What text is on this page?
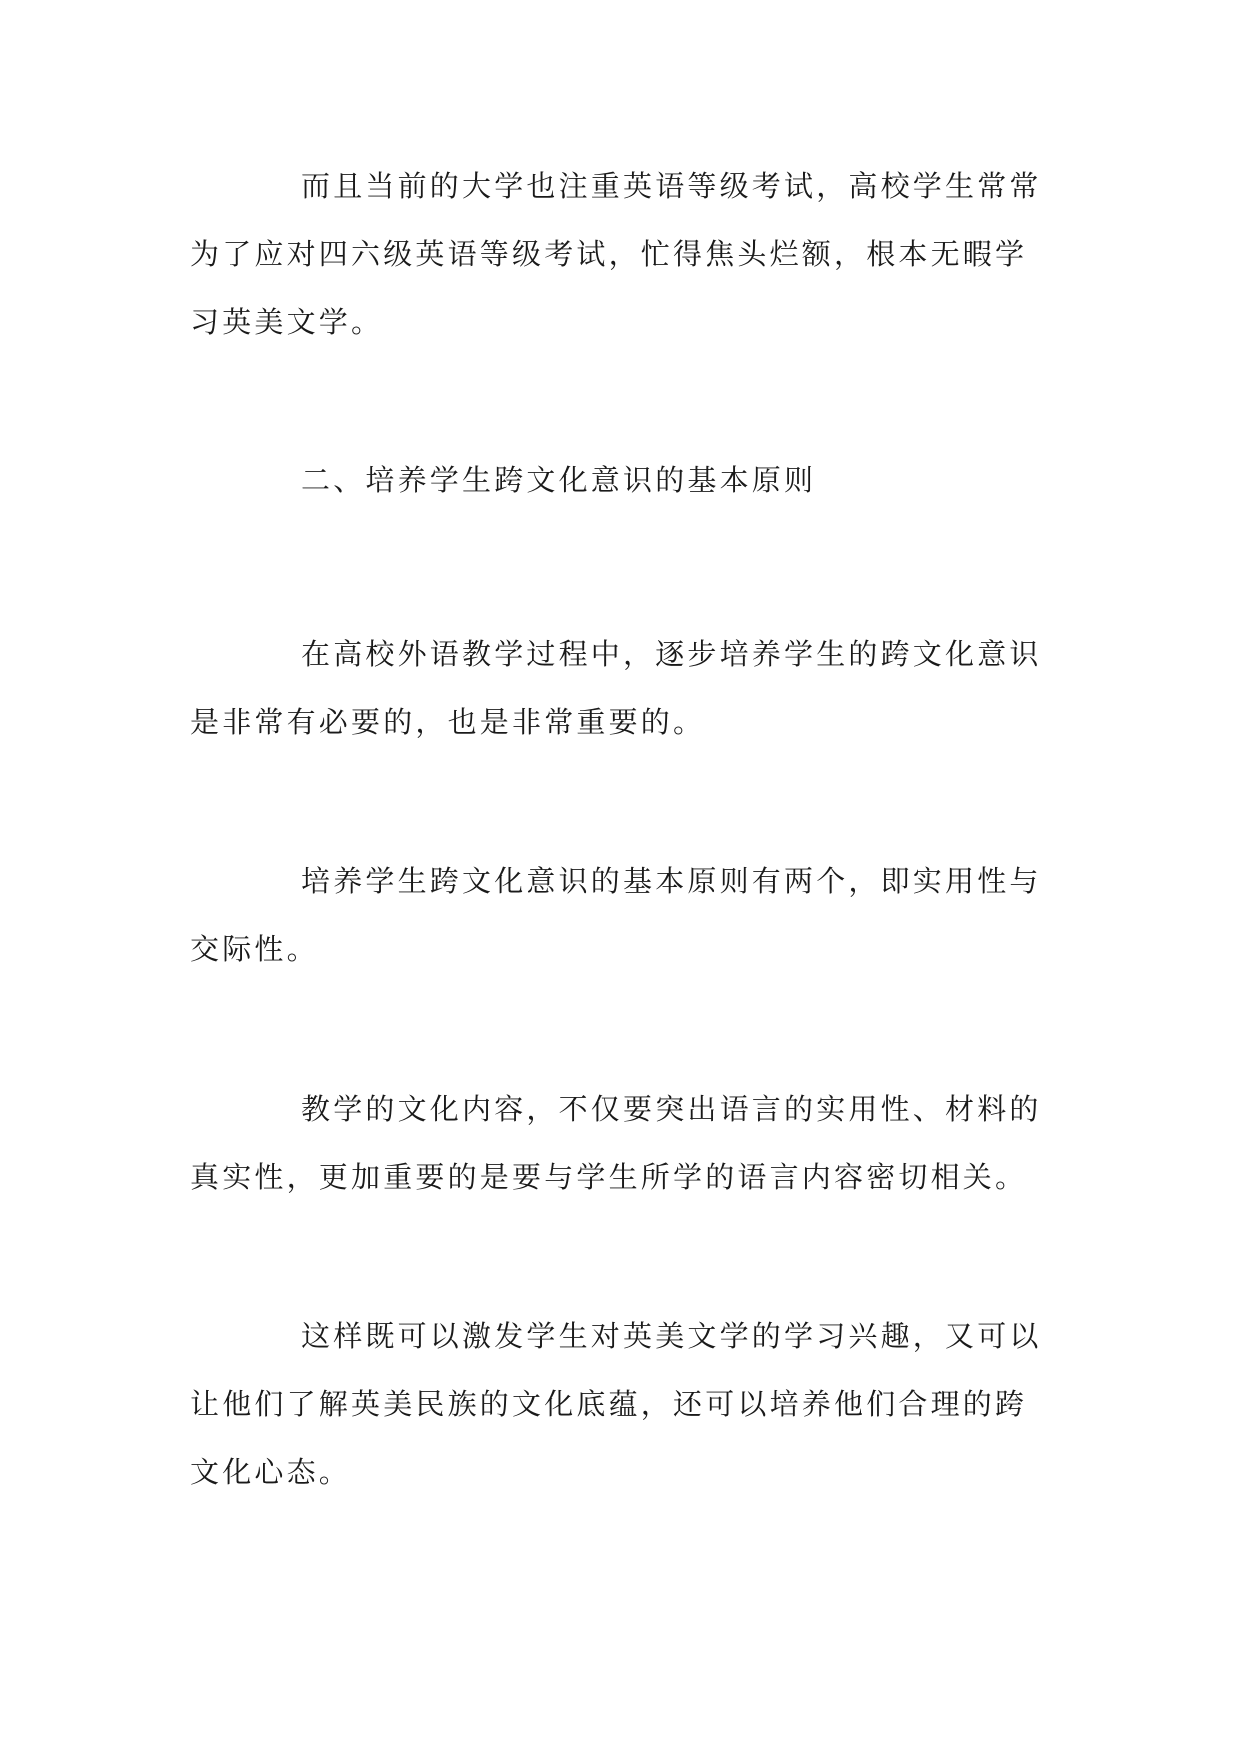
而且当前的大学也注重英语等级考试，高校学生常常
为了应对四六级英语等级考试，忙得焦头烂额，根本无暇学
习英美文学。

二、培养学生跨文化意识的基本原则

在高校外语教学过程中，逐步培养学生的跨文化意识
是非常有必要的，也是非常重要的。

培养学生跨文化意识的基本原则有两个，即实用性与
交际性。

教学的文化内容，不仅要突出语言的实用性、材料的
真实性，更加重要的是要与学生所学的语言内容密切相关。

这样既可以激发学生对英美文学的学习兴趣，又可以
让他们了解英美民族的文化底蕴，还可以培养他们合理的跨
文化心态。
